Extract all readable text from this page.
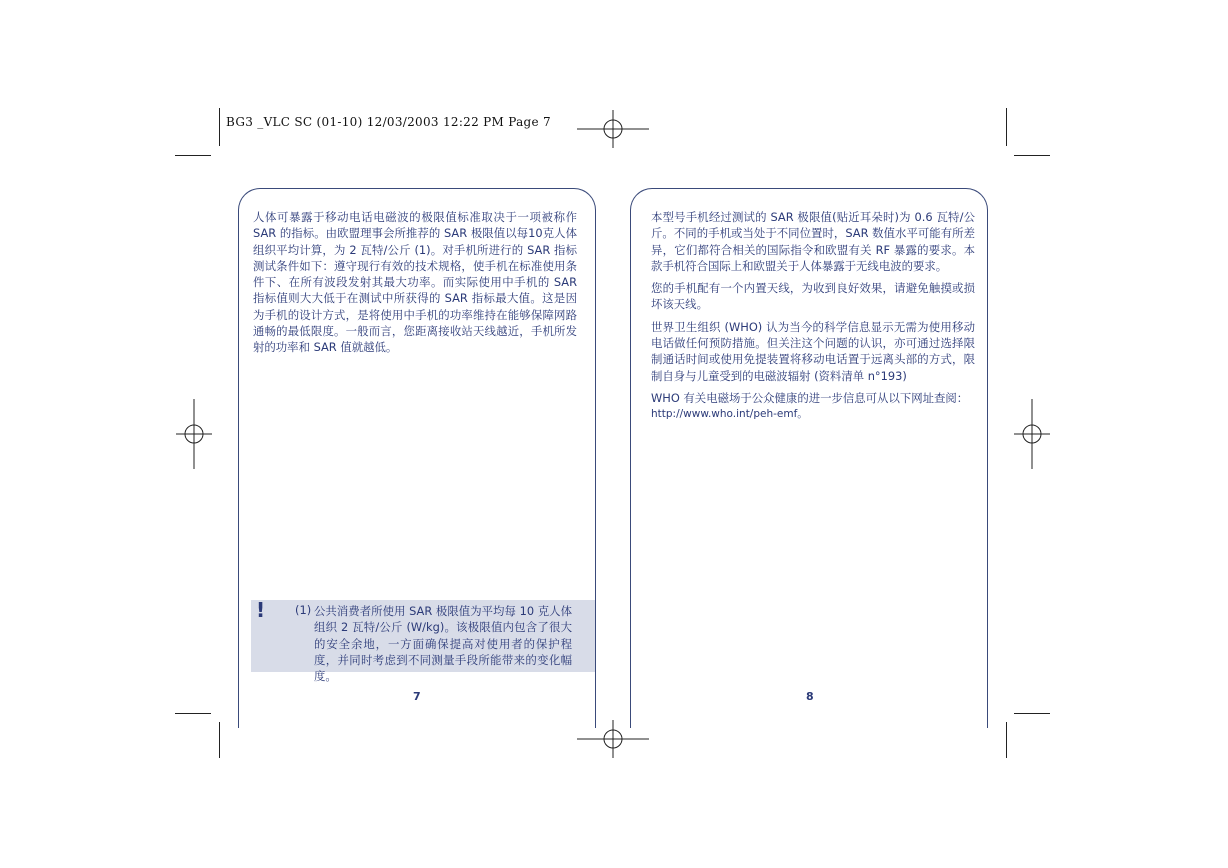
BG3 _VLC SC (01-10) 12/03/2003 12:22 PM Page 7

人体可暴露于移动电话电磁波的极限值标准取决于一项被称作 SAR 的指标。由欧盟理事会所推荐的 SAR 极限值以每10克人体组织平均计算，为 2 瓦特/公斤 (1)。对手机所进行的 SAR 指标测试条件如下：遵守现行有效的技术规格，使手机在标准使用条件下、在所有波段发射其最大功率。而实际使用中手机的 SAR 指标值则大大低于在测试中所获得的 SAR 指标最大值。这是因为手机的设计方式，是将使用中手机的功率维持在能够保障网路通畅的最低限度。一般而言，您距离接收站天线越近，手机所发射的功率和 SAR 值就越低。

!	(1) 公共消费者所使用 SAR 极限值为平均每 10 克人体组织 2 瓦特/公斤 (W/kg)。该极限值内包含了很大的安全余地，一方面确保提高对使用者的保护程度，并同时考虑到不同测量手段所能带来的变化幅度。
7

本型号手机经过测试的 SAR 极限值(贴近耳朵时)为 0.6 瓦特/公斤。不同的手机或当处于不同位置时，SAR 数值水平可能有所差异，它们都符合相关的国际指令和欧盟有关 RF 暴露的要求。本款手机符合国际上和欧盟关于人体暴露于无线电波的要求。

您的手机配有一个内置天线，为收到良好效果，请避免触摸或损坏该天线。

世界卫生组织 (WHO) 认为当今的科学信息显示无需为使用移动电话做任何预防措施。但关注这个问题的认识，亦可通过选择限制通话时间或使用免提装置将移动电话置于远离头部的方式，限制自身与儿童受到的电磁波辐射 (资料清单 n°193)

WHO 有关电磁场于公众健康的进一步信息可从以下网址查阅：

http://www.who.int/peh-emf。

8
